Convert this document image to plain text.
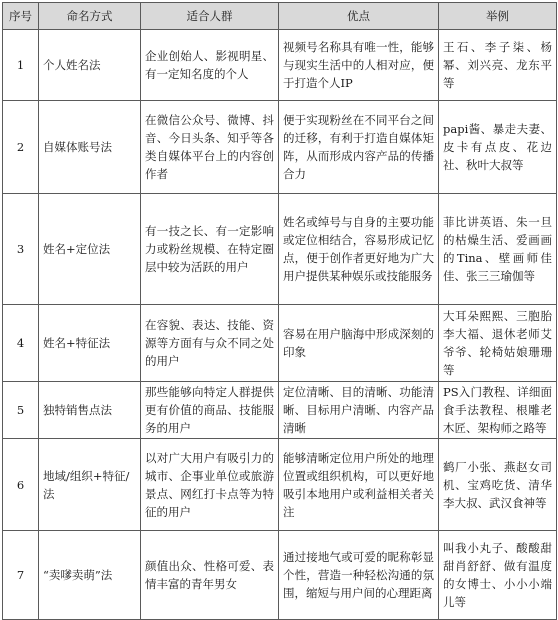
序号	命名方式	适合人群	优点	举例
1	个人姓名法	企业创始人、影视明星、有一定知名度的个人	视频号名称具有唯一性，能够与现实生活中的人相对应，便于打造个人IP	王石、李子柒、杨幂、刘兴亮、龙东平等
2	自媒体账号法	在微信公众号、微博、抖音、今日头条、知乎等各类自媒体平台上的内容创作者	便于实现粉丝在不同平台之间的迁移，有利于打造自媒体矩阵，从而形成内容产品的传播合力	papi酱、暴走夫妻、皮卡有点皮、花边社、秋叶大叔等
3	姓名+定位法	有一技之长、有一定影响力或粉丝规模、在特定圈层中较为活跃的用户	姓名或绰号与自身的主要功能或定位相结合，容易形成记忆点，便于创作者更好地为广大用户提供某种娱乐或技能服务	菲比讲英语、朱一旦的枯燥生活、爱画画的Tina、壁画师佳佳、张三三瑜伽等
4	姓名+特征法	在容貌、表达、技能、资源等方面有与众不同之处的用户	容易在用户脑海中形成深刻的印象	大耳朵熙熙、三胞胎李大福、退休老师艾爷爷、轮椅姑娘珊珊等
5	独特销售点法	那些能够向特定人群提供更有价值的商品、技能服务的用户	定位清晰、目的清晰、功能清晰、目标用户清晰、内容产品清晰	PS入门教程、详细面食手法教程、根雕老木匠、架构师之路等
6	地域/组织+特征/法	以对广大用户有吸引力的城市、企事业单位或旅游景点、网红打卡点等为特征的用户	能够清晰定位用户所处的地理位置或组织机构，可以更好地吸引本地用户或利益相关者关注	鹤厂小张、燕赵女司机、宝鸡吃货、清华李大叔、武汉食神等
7	“卖嗲卖萌”法	颜值出众、性格可爱、表情丰富的青年男女	通过接地气或可爱的昵称彰显个性，营造一种轻松沟通的氛围，缩短与用户间的心理距离	叫我小丸子、酸酸甜甜肖舒舒、做有温度的女博士、小小小端儿等
